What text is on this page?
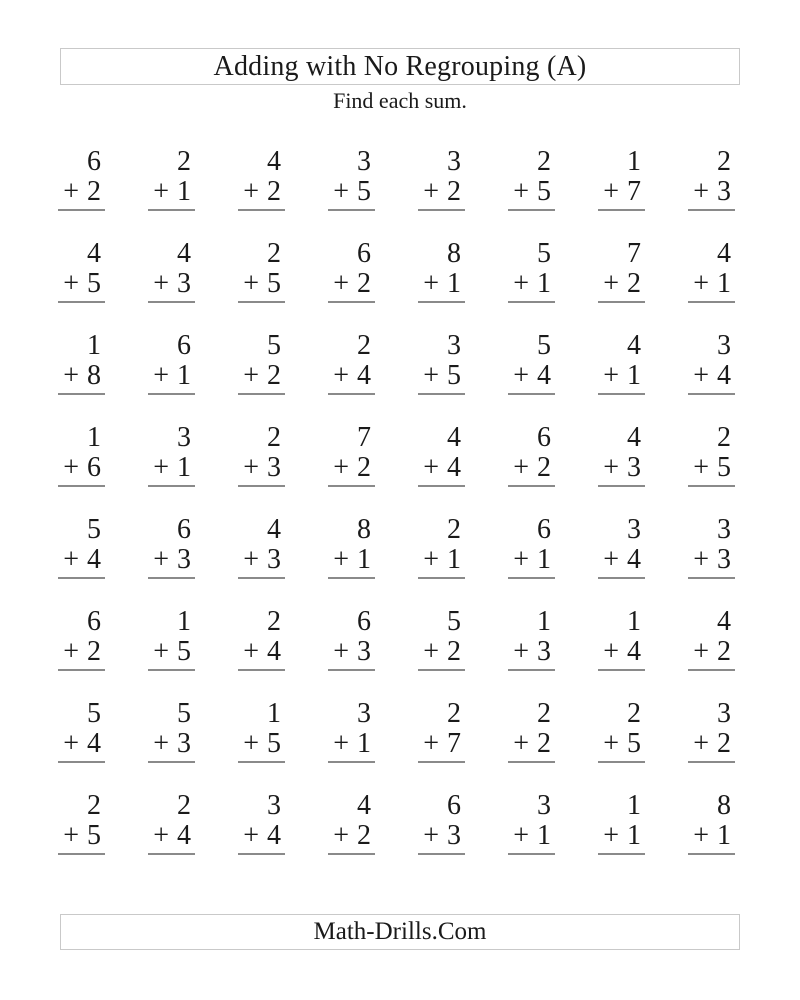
Adding with No Regrouping (A)
Find each sum.
6
+ 2
2
+ 1
4
+ 2
3
+ 5
3
+ 2
2
+ 5
1
+ 7
2
+ 3
4
+ 5
4
+ 3
2
+ 5
6
+ 2
8
+ 1
5
+ 1
7
+ 2
4
+ 1
1
+ 8
6
+ 1
5
+ 2
2
+ 4
3
+ 5
5
+ 4
4
+ 1
3
+ 4
1
+ 6
3
+ 1
2
+ 3
7
+ 2
4
+ 4
6
+ 2
4
+ 3
2
+ 5
5
+ 4
6
+ 3
4
+ 3
8
+ 1
2
+ 1
6
+ 1
3
+ 4
3
+ 3
6
+ 2
1
+ 5
2
+ 4
6
+ 3
5
+ 2
1
+ 3
1
+ 4
4
+ 2
5
+ 4
5
+ 3
1
+ 5
3
+ 1
2
+ 7
2
+ 2
2
+ 5
3
+ 2
2
+ 5
2
+ 4
3
+ 4
4
+ 2
6
+ 3
3
+ 1
1
+ 1
8
+ 1
Math-Drills.Com
